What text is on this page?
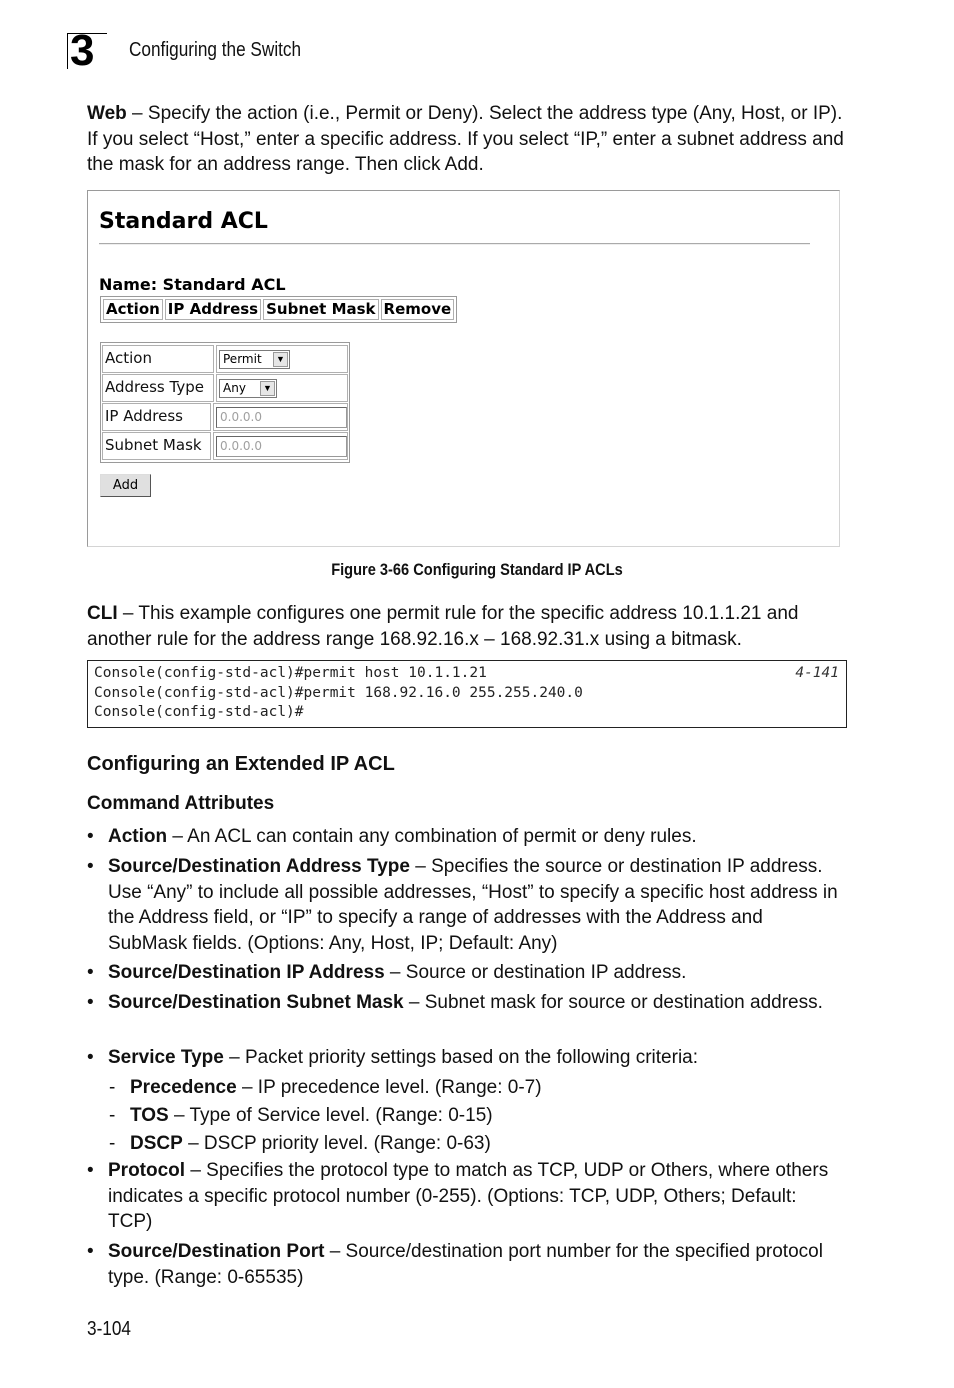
3 Configuring the Switch
Web – Specify the action (i.e., Permit or Deny). Select the address type (Any, Host, or IP). If you select “Host,” enter a specific address. If you select “IP,” enter a subnet address and the mask for an address range. Then click Add.
Standard ACL
Name: Standard ACL
Action IP Address Subnet Mask Remove
Action	Permit	▼
Address Type	Any	▼
IP Address	0.0.0.0
Subnet Mask	0.0.0.0
Add
Figure 3-66 Configuring Standard IP ACLs
CLI – This example configures one permit rule for the specific address 10.1.1.21 and another rule for the address range 168.92.16.x – 168.92.31.x using a bitmask.
Console(config-std-acl)#permit host 10.1.1.21
Console(config-std-acl)#permit 168.92.16.0 255.255.240.0
Console(config-std-acl)#
4-141
Configuring an Extended IP ACL
Command Attributes
• Action – An ACL can contain any combination of permit or deny rules.
• Source/Destination Address Type – Specifies the source or destination IP address. Use “Any” to include all possible addresses, “Host” to specify a specific host address in the Address field, or “IP” to specify a range of addresses with the Address and SubMask fields. (Options: Any, Host, IP; Default: Any)
• Source/Destination IP Address – Source or destination IP address.
• Source/Destination Subnet Mask – Subnet mask for source or destination address.
• Service Type – Packet priority settings based on the following criteria:
- Precedence – IP precedence level. (Range: 0-7)
- TOS – Type of Service level. (Range: 0-15)
- DSCP – DSCP priority level. (Range: 0-63)
• Protocol – Specifies the protocol type to match as TCP, UDP or Others, where others indicates a specific protocol number (0-255). (Options: TCP, UDP, Others; Default: TCP)
• Source/Destination Port – Source/destination port number for the specified protocol type. (Range: 0-65535)
3-104
